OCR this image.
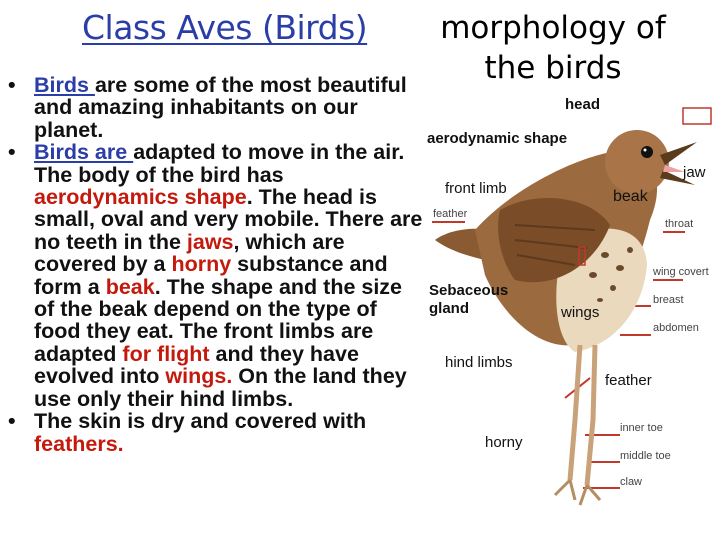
Class Aves (Birds)	morphology of the birds
• Birds are some of the most beautiful and amazing inhabitants on our planet.
• Birds are adapted to move in the air. The body of the bird has aerodynamics shape. The head is small, oval and very mobile. There are no teeth in the jaws, which are covered by a horny substance and form a beak. The shape and the size of the beak depend on the type of food they eat. The front limbs are adapted for flight and they have evolved into wings. On the land they use only their hind limbs.
• The skin is dry and covered with feathers.
feather
throat
wing covert
breast
abdomen
inner toe
middle toe
claw
head
aerodynamic shape
jaw
front limb	beak
Sebaceous gland	wings
hind limbs
feather
horny
